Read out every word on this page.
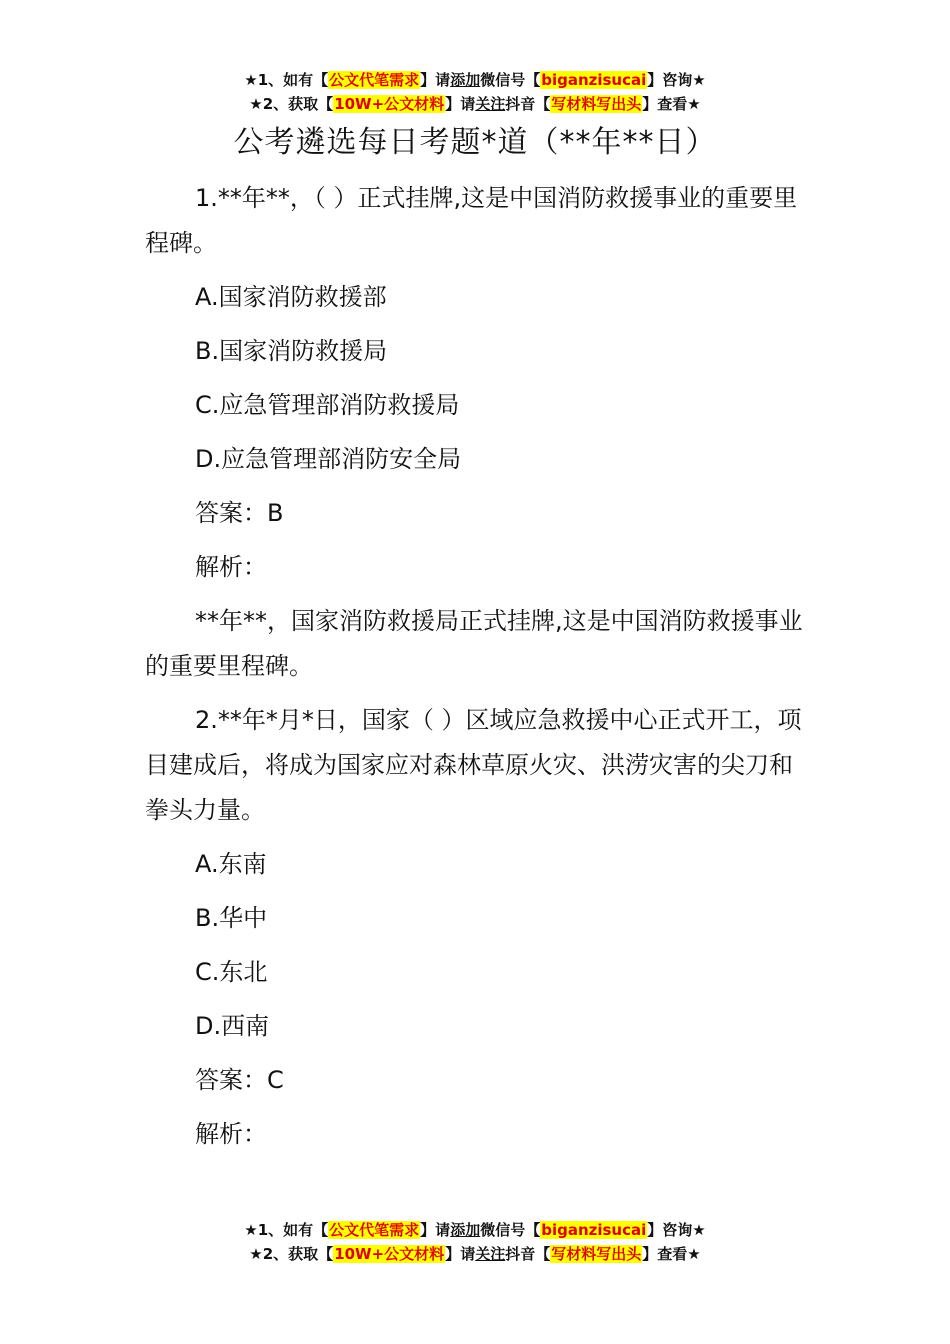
★1、如有【公文代笔需求】请添加微信号【biganzisucai】咨询★
★2、获取【10W+公文材料】请关注抖音【写材料写出头】查看★
公考遴选每日考题*道（**年**日）

1.**年**，（ ）正式挂牌,这是中国消防救援事业的重要里程碑。

A.国家消防救援部

B.国家消防救援局

C.应急管理部消防救援局

D.应急管理部消防安全局

答案：B

解析：

**年**，国家消防救援局正式挂牌,这是中国消防救援事业的重要里程碑。

2.**年*月*日，国家（ ）区域应急救援中心正式开工，项目建成后，将成为国家应对森林草原火灾、洪涝灾害的尖刀和拳头力量。

A.东南

B.华中

C.东北

D.西南

答案：C

解析：

★1、如有【公文代笔需求】请添加微信号【biganzisucai】咨询★
★2、获取【10W+公文材料】请关注抖音【写材料写出头】查看★
